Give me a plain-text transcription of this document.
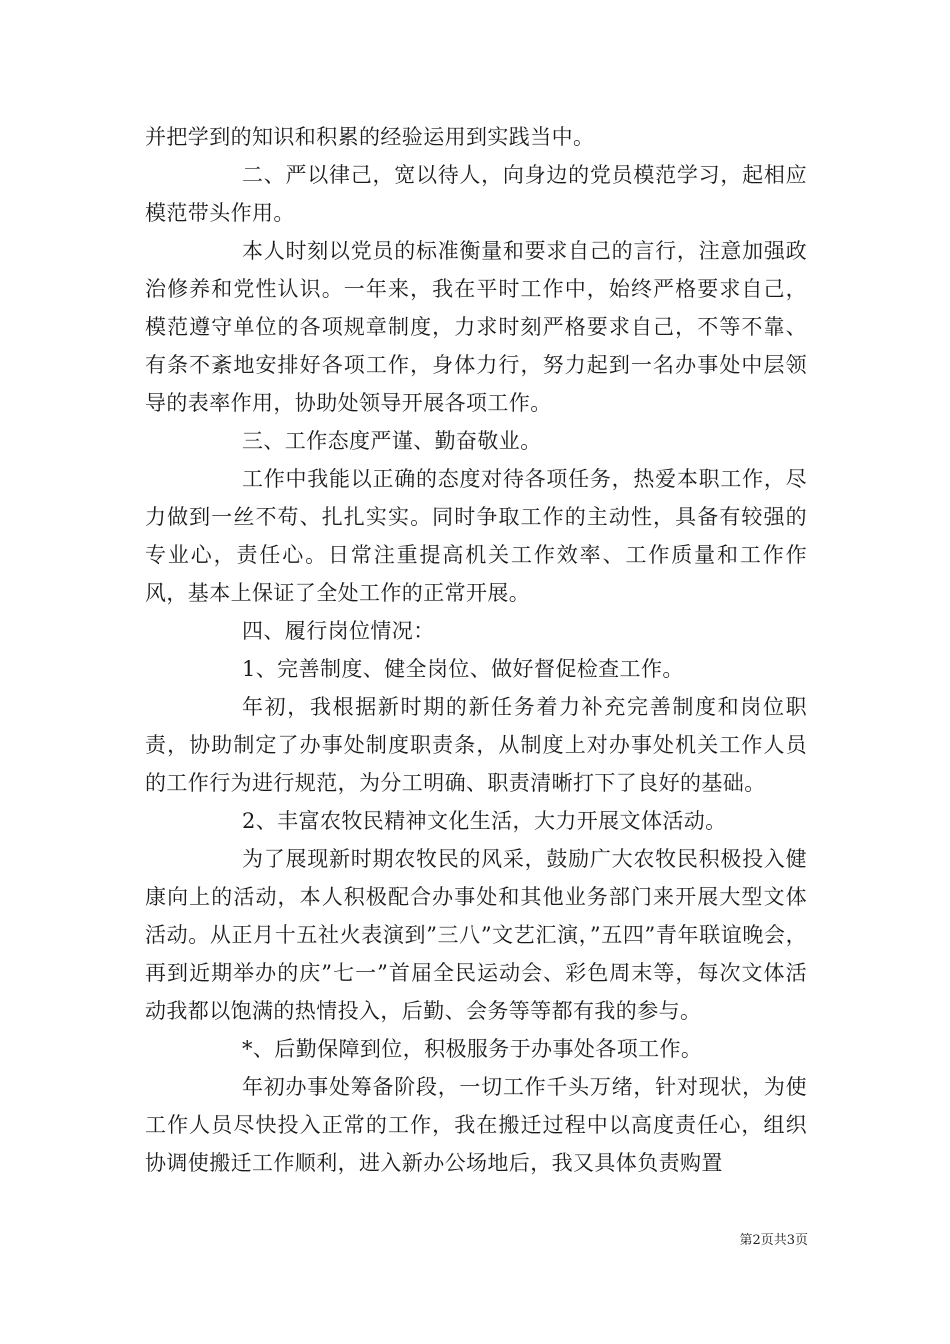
并把学到的知识和积累的经验运用到实践当中。

二、严以律己，宽以待人，向身边的党员模范学习，起相应模范带头作用。

本人时刻以党员的标准衡量和要求自己的言行，注意加强政治修养和党性认识。一年来，我在平时工作中，始终严格要求自己，模范遵守单位的各项规章制度，力求时刻严格要求自己，不等不靠、有条不紊地安排好各项工作，身体力行，努力起到一名办事处中层领导的表率作用，协助处领导开展各项工作。

三、工作态度严谨、勤奋敬业。

工作中我能以正确的态度对待各项任务，热爱本职工作，尽力做到一丝不苟、扎扎实实。同时争取工作的主动性，具备有较强的专业心，责任心。日常注重提高机关工作效率、工作质量和工作作风，基本上保证了全处工作的正常开展。

四、履行岗位情况：

1、完善制度、健全岗位、做好督促检查工作。

年初，我根据新时期的新任务着力补充完善制度和岗位职责，协助制定了办事处制度职责条，从制度上对办事处机关工作人员的工作行为进行规范，为分工明确、职责清晰打下了良好的基础。

2、丰富农牧民精神文化生活，大力开展文体活动。

为了展现新时期农牧民的风采，鼓励广大农牧民积极投入健康向上的活动，本人积极配合办事处和其他业务部门来开展大型文体活动。从正月十五社火表演到”三八”文艺汇演，”五四”青年联谊晚会，再到近期举办的庆”七一”首届全民运动会、彩色周末等，每次文体活动我都以饱满的热情投入，后勤、会务等等都有我的参与。

*、后勤保障到位，积极服务于办事处各项工作。

年初办事处筹备阶段，一切工作千头万绪，针对现状，为使工作人员尽快投入正常的工作，我在搬迁过程中以高度责任心，组织协调使搬迁工作顺利，进入新办公场地后，我又具体负责购置

第2页共3页
